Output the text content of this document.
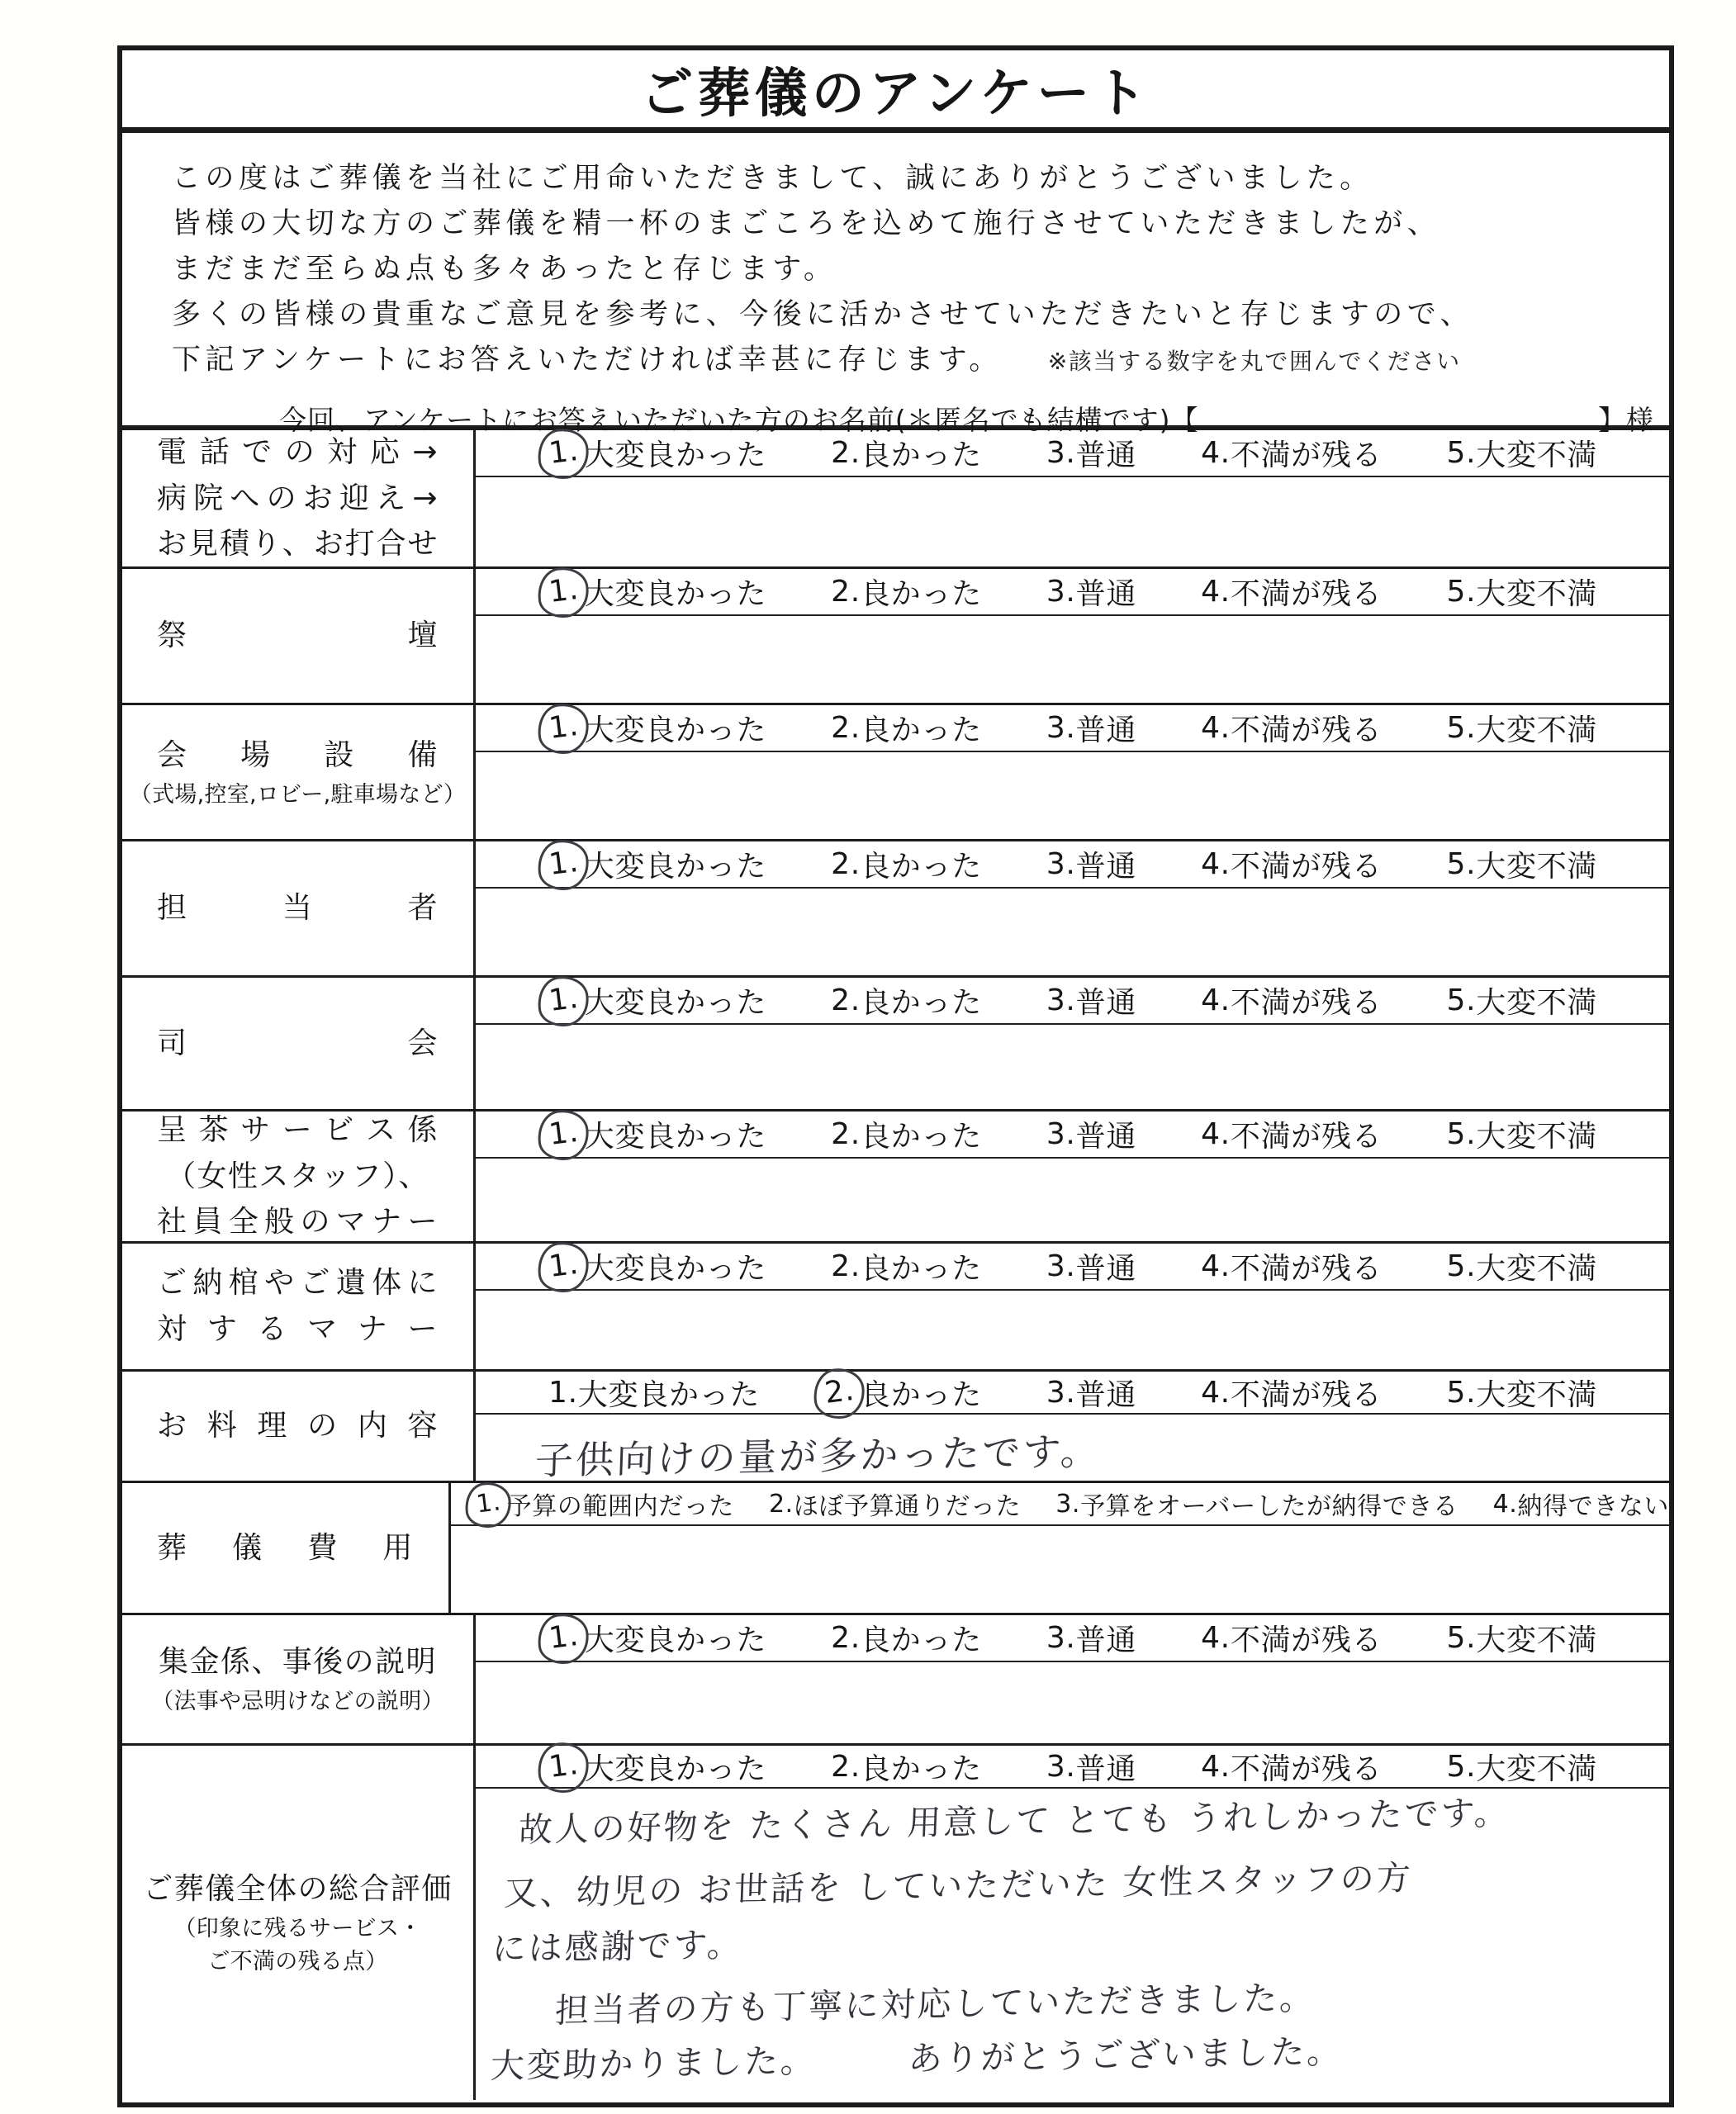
ご葬儀のアンケート
この度はご葬儀を当社にご用命いただきまして、誠にありがとうございました。
皆様の大切な方のご葬儀を精一杯のまごころを込めて施行させていただきましたが、
まだまだ至らぬ点も多々あったと存じます。
多くの皆様の貴重なご意見を参考に、今後に活かさせていただきたいと存じますので、
下記アンケートにお答えいただければ幸甚に存じます。 ※該当する数字を丸で囲んでください
今回、アンケートにお答えいただいた方のお名前(＊匿名でも結構です)【	】様
電話での対応→
病院へのお迎え→
お見積り、お打合せ
1. 大変良かった 2. 良かった 3. 普通 4. 不満が残る 5. 大変不満
祭壇
1. 大変良かった 2. 良かった 3. 普通 4. 不満が残る 5. 大変不満
会場設備
（式場,控室,ロビー,駐車場など）
1. 大変良かった 2. 良かった 3. 普通 4. 不満が残る 5. 大変不満
担当者
1. 大変良かった 2. 良かった 3. 普通 4. 不満が残る 5. 大変不満
司会
1. 大変良かった 2. 良かった 3. 普通 4. 不満が残る 5. 大変不満
呈茶サービス係
（女性スタッフ）、
社員全般のマナー
1. 大変良かった 2. 良かった 3. 普通 4. 不満が残る 5. 大変不満
ご納棺やご遺体に
対するマナー
1. 大変良かった 2. 良かった 3. 普通 4. 不満が残る 5. 大変不満
お料理の内容
1. 大変良かった	2. 良かった 3. 普通 4. 不満が残る 5. 大変不満
子供向けの量が多かったです。
葬儀費用
1. 予算の範囲内だった 2. ほぼ予算通りだった 3. 予算をオーバーしたが納得できる 4. 納得できない
集金係、事後の説明
（法事や忌明けなどの説明）
1. 大変良かった 2. 良かった 3. 普通 4. 不満が残る 5. 大変不満
ご葬儀全体の総合評価
（印象に残るサービス・
ご不満の残る点）
1. 大変良かった 2. 良かった 3. 普通 4. 不満が残る 5. 大変不満
故人の好物を たくさん 用意して とても うれしかったです。
又、幼児の お世話を していただいた 女性スタッフの方
には感謝です。
担当者の方も丁寧に対応していただきました。
大変助かりました。　　　ありがとうございました。
